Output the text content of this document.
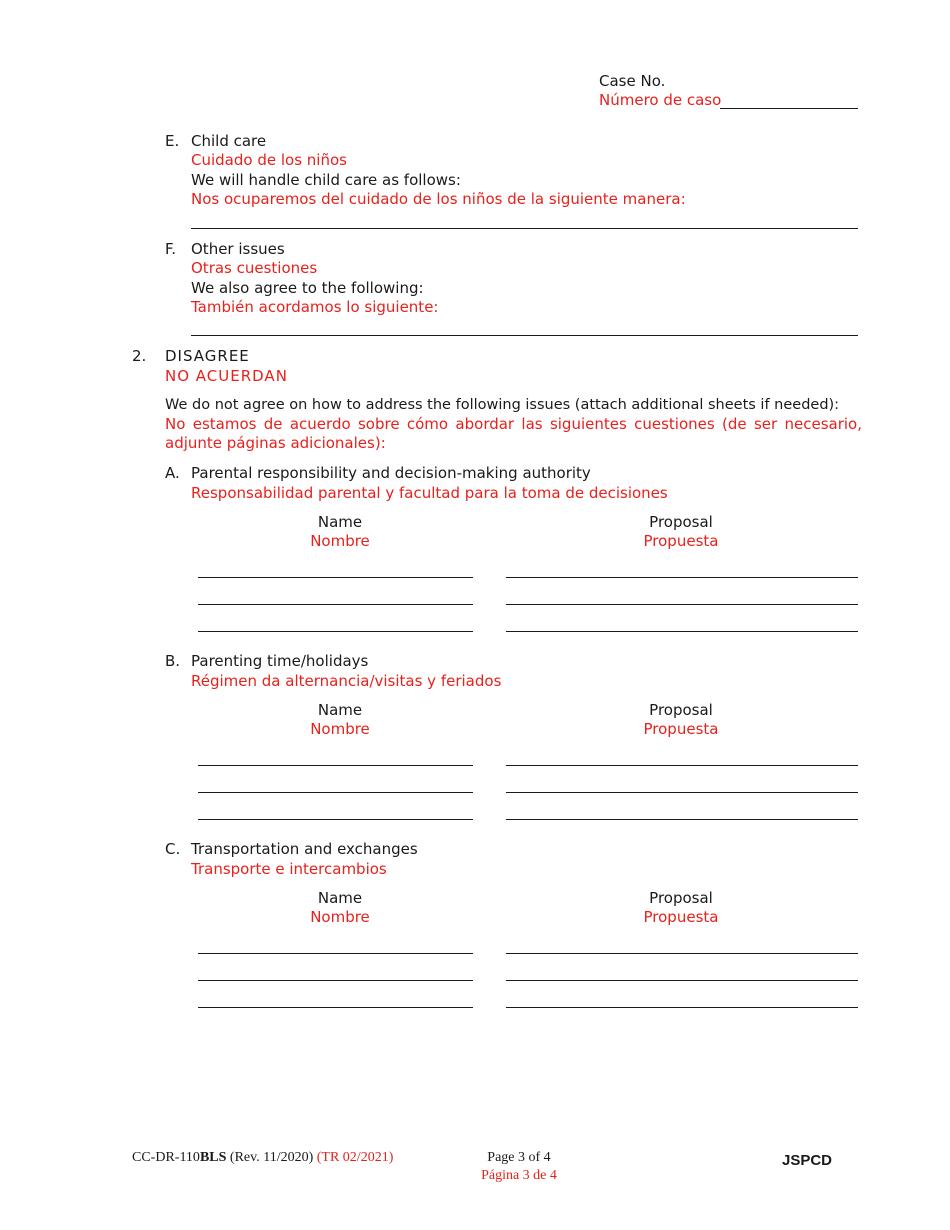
Case No.
Número de caso
E. Child care
Cuidado de los niños
We will handle child care as follows:
Nos ocuparemos del cuidado de los niños de la siguiente manera:
F. Other issues
Otras cuestiones
We also agree to the following:
También acordamos lo siguiente:
2. DISAGREE
NO ACUERDAN
We do not agree on how to address the following issues (attach additional sheets if needed):
No estamos de acuerdo sobre cómo abordar las siguientes cuestiones (de ser necesario, adjunte páginas adicionales):
A. Parental responsibility and decision-making authority
Responsabilidad parental y facultad para la toma de decisiones
Name
Nombre
Proposal
Propuesta
B. Parenting time/holidays
Régimen da alternancia/visitas y feriados
Name
Nombre
Proposal
Propuesta
C. Transportation and exchanges
Transporte e intercambios
Name
Nombre
Proposal
Propuesta
CC-DR-110BLS (Rev. 11/2020) (TR 02/2021)	Page 3 of 4
Página 3 de 4
JSPCD
